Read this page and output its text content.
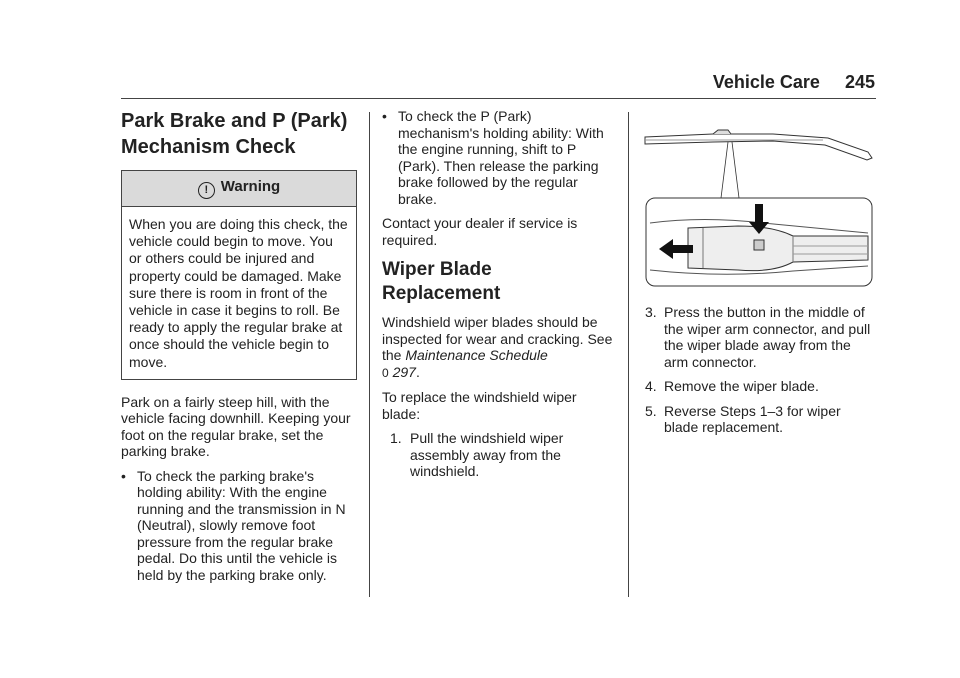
Vehicle Care 245
Park Brake and P (Park)
Mechanism Check
! Warning
When you are doing this check, the vehicle could begin to move. You or others could be injured and property could be damaged. Make sure there is room in front of the vehicle in case it begins to roll. Be ready to apply the regular brake at once should the vehicle begin to move.

Park on a fairly steep hill, with the vehicle facing downhill. Keeping your foot on the regular brake, set the parking brake.

• To check the parking brake's holding ability: With the engine running and the transmission in N (Neutral), slowly remove foot pressure from the regular brake pedal. Do this until the vehicle is held by the parking brake only.

• To check the P (Park) mechanism's holding ability: With the engine running, shift to P (Park). Then release the parking brake followed by the regular brake.

Contact your dealer if service is required.

Wiper Blade Replacement

Windshield wiper blades should be inspected for wear and cracking. See the Maintenance Schedule
0 297.

To replace the windshield wiper blade:

1. Pull the windshield wiper assembly away from the windshield.

3. Press the button in the middle of the wiper arm connector, and pull the wiper blade away from the arm connector.

4. Remove the wiper blade.

5. Reverse Steps 1–3 for wiper blade replacement.
